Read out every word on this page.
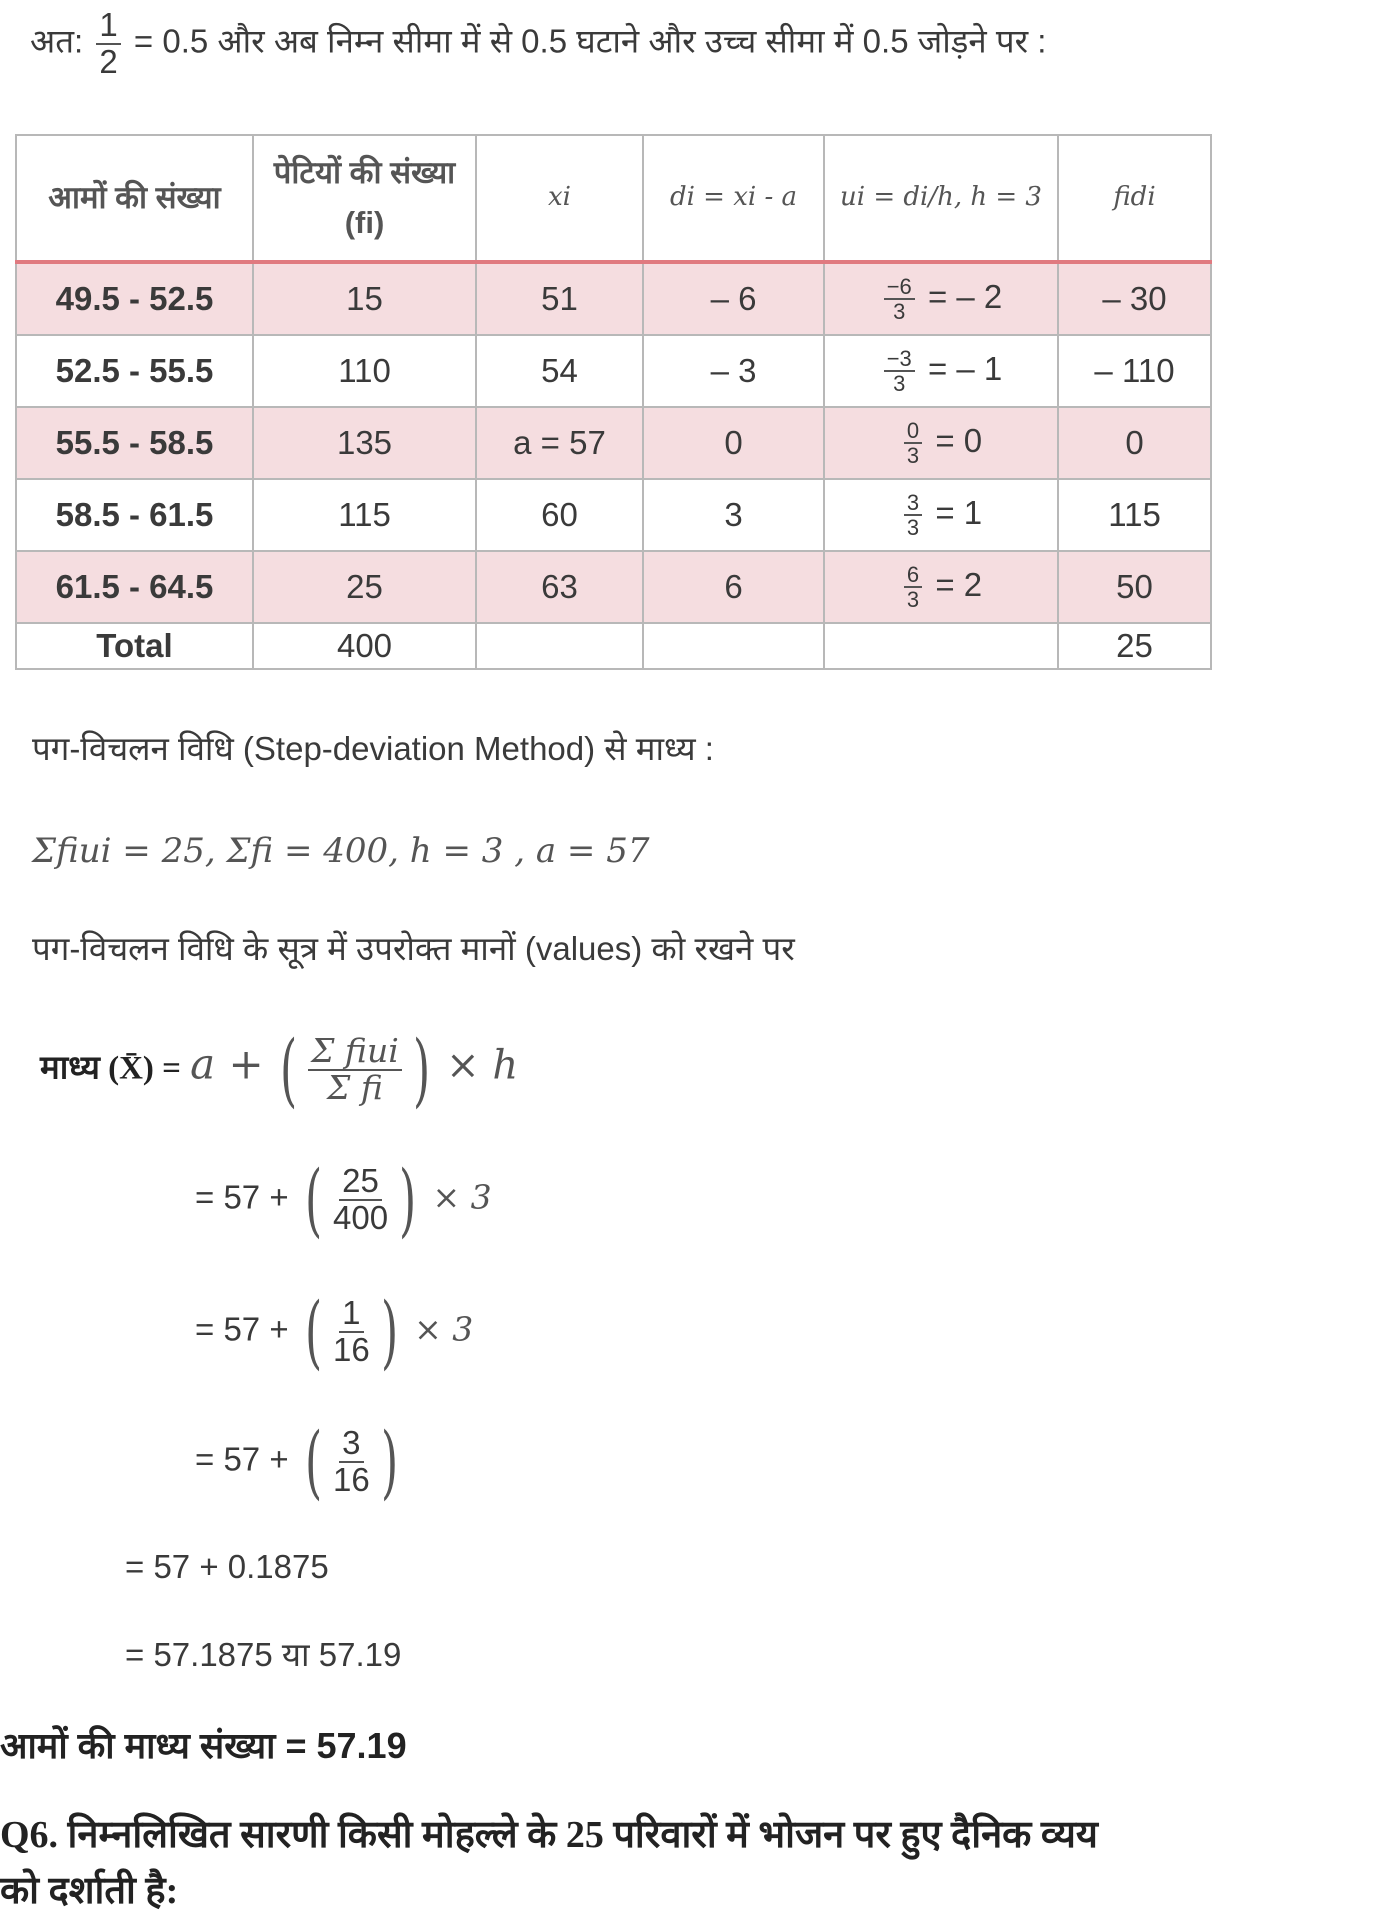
अत: $\frac{1}{2} = 0.5$ और अब निम्न सीमा में से 0.5 घटाने और उच्च सीमा में 0.5 जोड़ने पर :
आमों की संख्या	पेटियों की संख्या (fi)	xi	di = xi - a	ui = di/h, h = 3	fidi
49.5 - 52.5	15	51	– 6	$\frac{-6}{3}$ = – 2	– 30
52.5 - 55.5	110	54	– 3	$\frac{-3}{3}$ = – 1	– 110
55.5 - 58.5	135	a = 57	0	$\frac{0}{3} = 0$	0
58.5 - 61.5	115	60	3	$\frac{3}{3} = 1$	115
61.5 - 64.5	25	63	6	$\frac{6}{3} = 2$	50
Total	400				25
पग-विचलन विधि (Step-deviation Method) से माध्य :
Σfiui = 25, Σfi = 400, h = 3 , a = 57
पग-विचलन विधि के सूत्र में उपरोक्त मानों (values) को रखने पर
माध्य (X̄) = a + ( $\frac{\text{Σ fiui}}{\text{Σ fi}}$ ) × h
= 57 + ( $\frac{25}{400}$ ) × 3
= 57 + ( $\frac{1}{16}$ ) × 3
= 57 + ( $\frac{3}{16}$ )
= 57 + 0.1875
= 57.1875 या 57.19
आमों की माध्य संख्या = 57.19
Q6. निम्नलिखित सारणी किसी मोहल्ले के 25 परिवारों में भोजन पर हुए दैनिक व्यय
को दर्शाती है:
